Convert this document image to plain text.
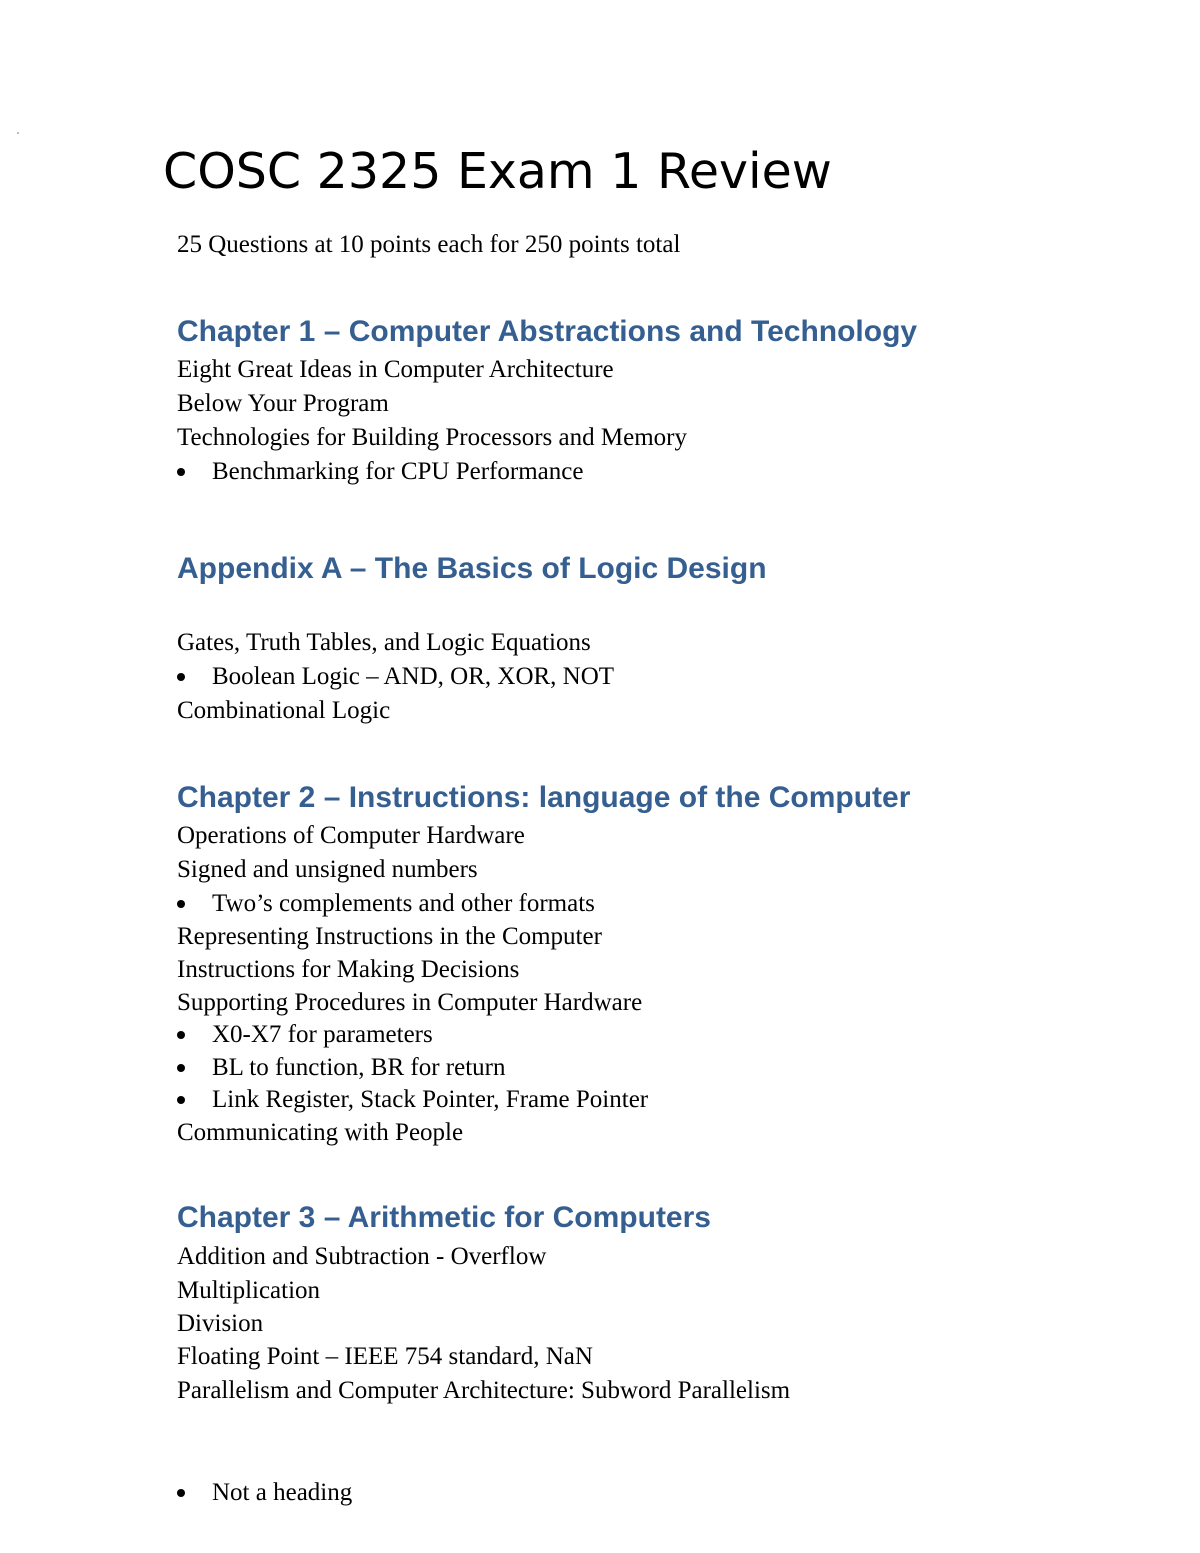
COSC 2325 Exam 1 Review
25 Questions at 10 points each for 250 points total
Chapter 1 – Computer Abstractions and Technology
Eight Great Ideas in Computer Architecture
Below Your Program
Technologies for Building Processors and Memory
Benchmarking for CPU Performance
Appendix A – The Basics of Logic Design
Gates, Truth Tables, and Logic Equations
Boolean Logic – AND, OR, XOR, NOT
Combinational Logic
Chapter 2 – Instructions: language of the Computer
Operations of Computer Hardware
Signed and unsigned numbers
Two’s complements and other formats
Representing Instructions in the Computer
Instructions for Making Decisions
Supporting Procedures in Computer Hardware
X0-X7 for parameters
BL to function, BR for return
Link Register, Stack Pointer, Frame Pointer
Communicating with People
Chapter 3 – Arithmetic for Computers
Addition and Subtraction - Overflow
Multiplication
Division
Floating Point – IEEE 754 standard, NaN
Parallelism and Computer Architecture: Subword Parallelism
Not a heading
